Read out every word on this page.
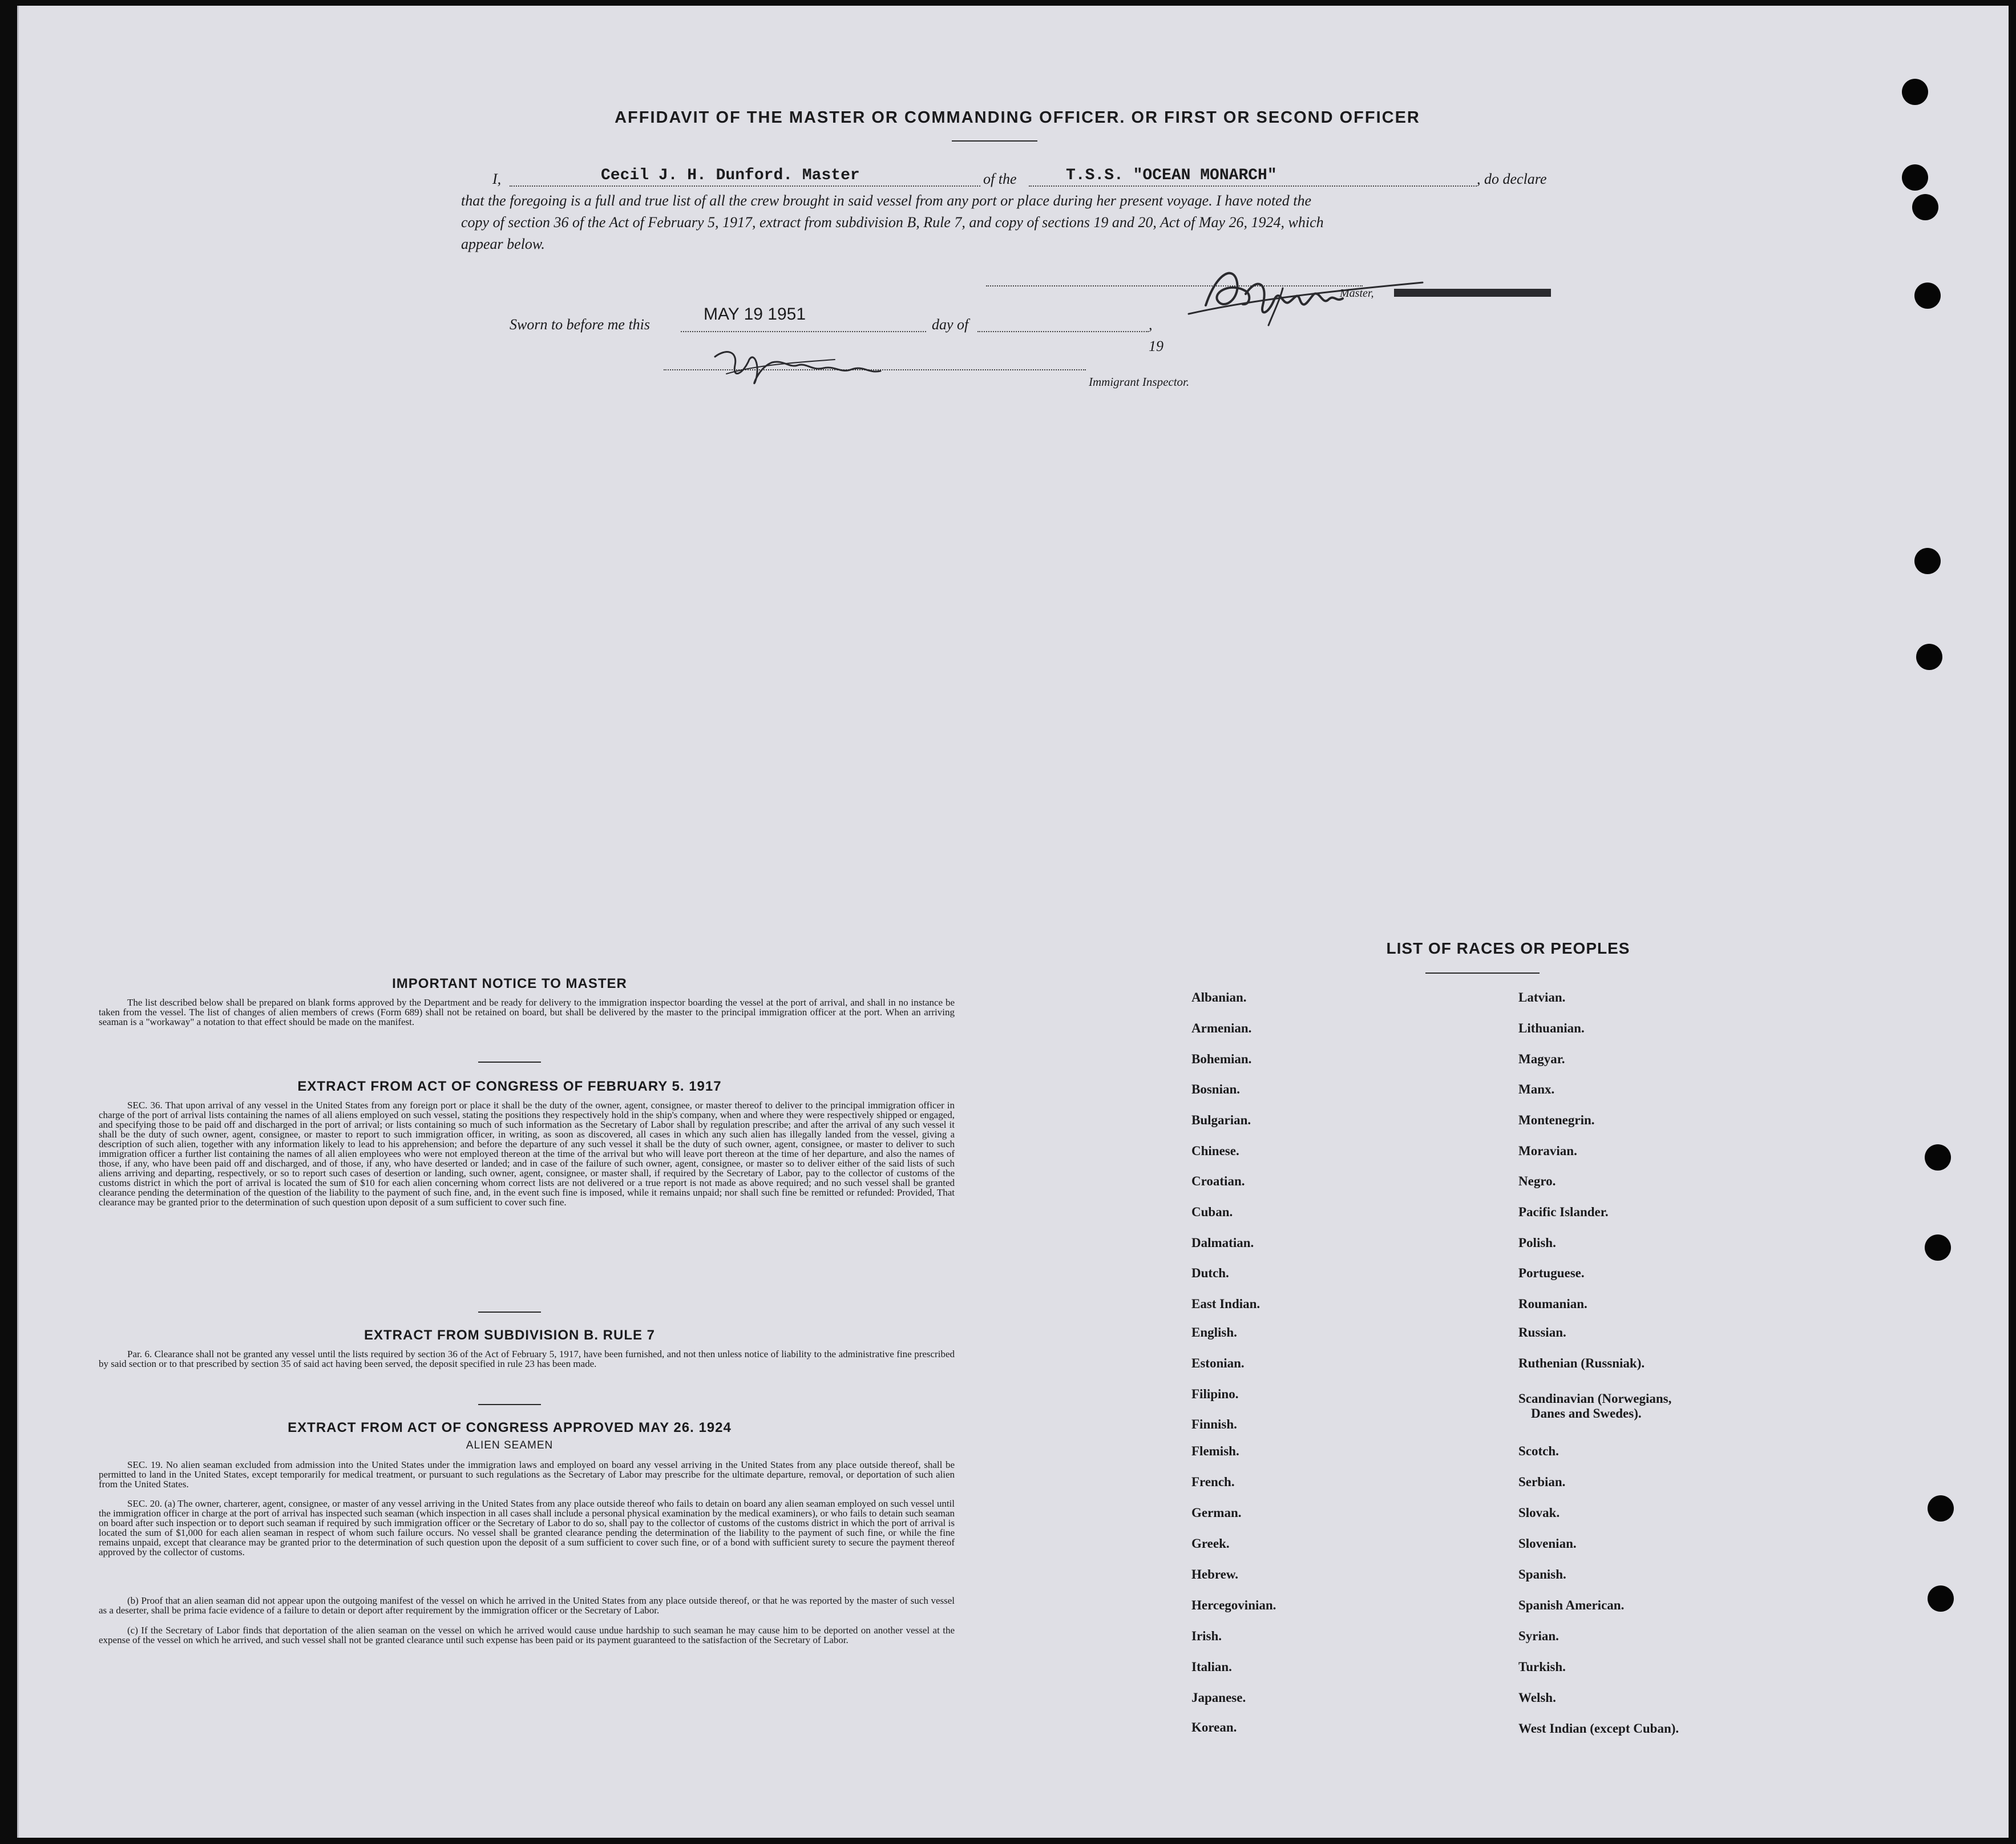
AFFIDAVIT OF THE MASTER OR COMMANDING OFFICER. OR FIRST OR SECOND OFFICER
I,	Cecil J. H. Dunford. Master	of the	T.S.S. "OCEAN MONARCH"	, do declare
that the foregoing is a full and true list of all the crew brought in said vessel from any port or place during her present voyage. I have noted the
copy of section 36 of the Act of February 5, 1917, extract from subdivision B, Rule 7, and copy of sections 19 and 20, Act of May 26, 1924, which
appear below.
Master,
Sworn to before me this
MAY 19 1951
day of	, 19
Immigrant Inspector.
IMPORTANT NOTICE TO MASTER
The list described below shall be prepared on blank forms approved by the Department and be ready for delivery to the immigration inspector boarding the vessel at the port of arrival, and shall in no instance be taken from the vessel. The list of changes of alien members of crews (Form 689) shall not be retained on board, but shall be delivered by the master to the principal immigration officer at the port. When an arriving seaman is a "workaway" a notation to that effect should be made on the manifest.
EXTRACT FROM ACT OF CONGRESS OF FEBRUARY 5. 1917
SEC. 36. That upon arrival of any vessel in the United States from any foreign port or place it shall be the duty of the owner, agent, consignee, or master thereof to deliver to the principal immigration officer in charge of the port of arrival lists containing the names of all aliens employed on such vessel, stating the positions they respectively hold in the ship's company, when and where they were respectively shipped or engaged, and specifying those to be paid off and discharged in the port of arrival; or lists containing so much of such information as the Secretary of Labor shall by regulation prescribe; and after the arrival of any such vessel it shall be the duty of such owner, agent, consignee, or master to report to such immigration officer, in writing, as soon as discovered, all cases in which any such alien has illegally landed from the vessel, giving a description of such alien, together with any information likely to lead to his apprehension; and before the departure of any such vessel it shall be the duty of such owner, agent, consignee, or master to deliver to such immigration officer a further list containing the names of all alien employees who were not employed thereon at the time of the arrival but who will leave port thereon at the time of her departure, and also the names of those, if any, who have been paid off and discharged, and of those, if any, who have deserted or landed; and in case of the failure of such owner, agent, consignee, or master so to deliver either of the said lists of such aliens arriving and departing, respectively, or so to report such cases of desertion or landing, such owner, agent, consignee, or master shall, if required by the Secretary of Labor, pay to the collector of customs of the customs district in which the port of arrival is located the sum of $10 for each alien concerning whom correct lists are not delivered or a true report is not made as above required; and no such vessel shall be granted clearance pending the determination of the question of the liability to the payment of such fine, and, in the event such fine is imposed, while it remains unpaid; nor shall such fine be remitted or refunded: Provided, That clearance may be granted prior to the determination of such question upon deposit of a sum sufficient to cover such fine.
EXTRACT FROM SUBDIVISION B. RULE 7
Par. 6. Clearance shall not be granted any vessel until the lists required by section 36 of the Act of February 5, 1917, have been furnished, and not then unless notice of liability to the administrative fine prescribed by said section or to that prescribed by section 35 of said act having been served, the deposit specified in rule 23 has been made.
EXTRACT FROM ACT OF CONGRESS APPROVED MAY 26. 1924
ALIEN SEAMEN
SEC. 19. No alien seaman excluded from admission into the United States under the immigration laws and employed on board any vessel arriving in the United States from any place outside thereof, shall be permitted to land in the United States, except temporarily for medical treatment, or pursuant to such regulations as the Secretary of Labor may prescribe for the ultimate departure, removal, or deportation of such alien from the United States.
SEC. 20. (a) The owner, charterer, agent, consignee, or master of any vessel arriving in the United States from any place outside thereof who fails to detain on board any alien seaman employed on such vessel until the immigration officer in charge at the port of arrival has inspected such seaman (which inspection in all cases shall include a personal physical examination by the medical examiners), or who fails to detain such seaman on board after such inspection or to deport such seaman if required by such immigration officer or the Secretary of Labor to do so, shall pay to the collector of customs of the customs district in which the port of arrival is located the sum of $1,000 for each alien seaman in respect of whom such failure occurs. No vessel shall be granted clearance pending the determination of the liability to the payment of such fine, or while the fine remains unpaid, except that clearance may be granted prior to the determination of such question upon the deposit of a sum sufficient to cover such fine, or of a bond with sufficient surety to secure the payment thereof approved by the collector of customs.
(b) Proof that an alien seaman did not appear upon the outgoing manifest of the vessel on which he arrived in the United States from any place outside thereof, or that he was reported by the master of such vessel as a deserter, shall be prima facie evidence of a failure to detain or deport after requirement by the immigration officer or the Secretary of Labor.
(c) If the Secretary of Labor finds that deportation of the alien seaman on the vessel on which he arrived would cause undue hardship to such seaman he may cause him to be deported on another vessel at the expense of the vessel on which he arrived, and such vessel shall not be granted clearance until such expense has been paid or its payment guaranteed to the satisfaction of the Secretary of Labor.
LIST OF RACES OR PEOPLES
Albanian.
Armenian.
Bohemian.
Bosnian.
Bulgarian.
Chinese.
Croatian.
Cuban.
Dalmatian.
Dutch.
East Indian.
English.
Estonian.
Filipino.
Finnish.
Flemish.
French.
German.
Greek.
Hebrew.
Hercegovinian.
Irish.
Italian.
Japanese.
Korean.
Latvian.
Lithuanian.
Magyar.
Manx.
Montenegrin.
Moravian.
Negro.
Pacific Islander.
Polish.
Portuguese.
Roumanian.
Russian.
Ruthenian (Russniak).
Scandinavian (Norwegians,
Danes and Swedes).
Scotch.
Serbian.
Slovak.
Slovenian.
Spanish.
Spanish American.
Syrian.
Turkish.
Welsh.
West Indian (except Cuban).
